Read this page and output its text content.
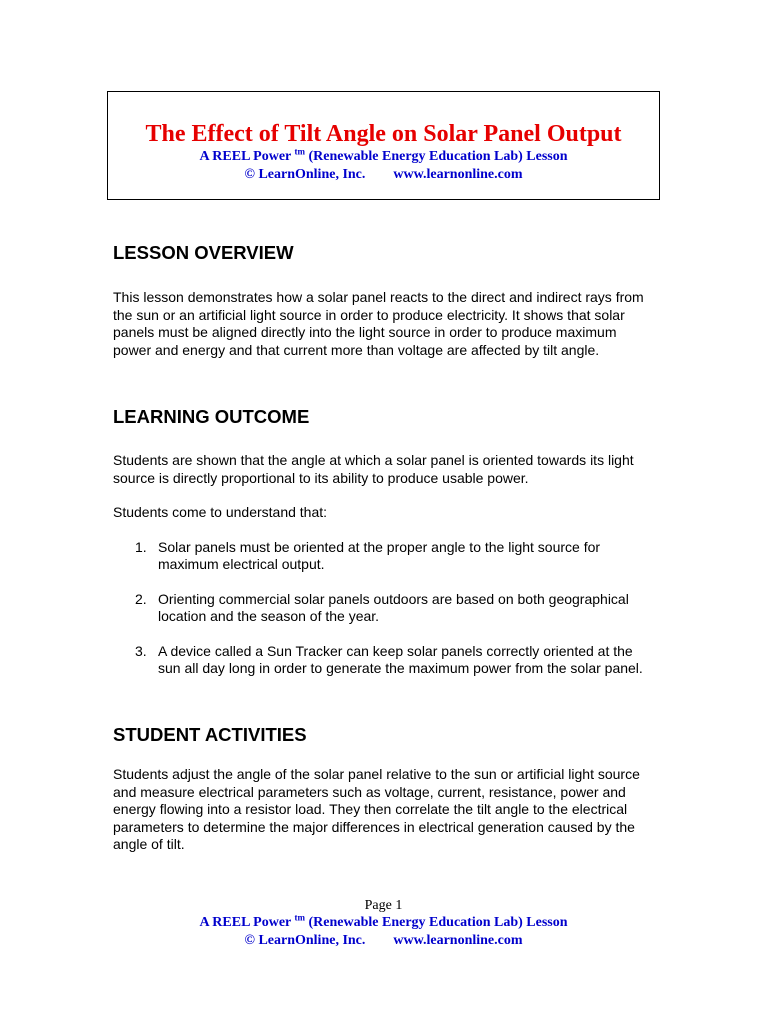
The Effect of Tilt Angle on Solar Panel Output
A REEL Power $^{tm}$ (Renewable Energy Education Lab) Lesson
© LearnOnline, Inc. www.learnonline.com
LESSON OVERVIEW

This lesson demonstrates how a solar panel reacts to the direct and indirect rays from the sun or an artificial light source in order to produce electricity. It shows that solar panels must be aligned directly into the light source in order to produce maximum power and energy and that current more than voltage are affected by tilt angle.

LEARNING OUTCOME

Students are shown that the angle at which a solar panel is oriented towards its light source is directly proportional to its ability to produce usable power.

Students come to understand that:

1. Solar panels must be oriented at the proper angle to the light source for maximum electrical output.
2. Orienting commercial solar panels outdoors are based on both geographical location and the season of the year.
3. A device called a Sun Tracker can keep solar panels correctly oriented at the sun all day long in order to generate the maximum power from the solar panel.
STUDENT ACTIVITIES

Students adjust the angle of the solar panel relative to the sun or artificial light source and measure electrical parameters such as voltage, current, resistance, power and energy flowing into a resistor load. They then correlate the tilt angle to the electrical parameters to determine the major differences in electrical generation caused by the angle of tilt.

Page 1
A REEL Power $^{tm}$ (Renewable Energy Education Lab) Lesson
© LearnOnline, Inc. www.learnonline.com
